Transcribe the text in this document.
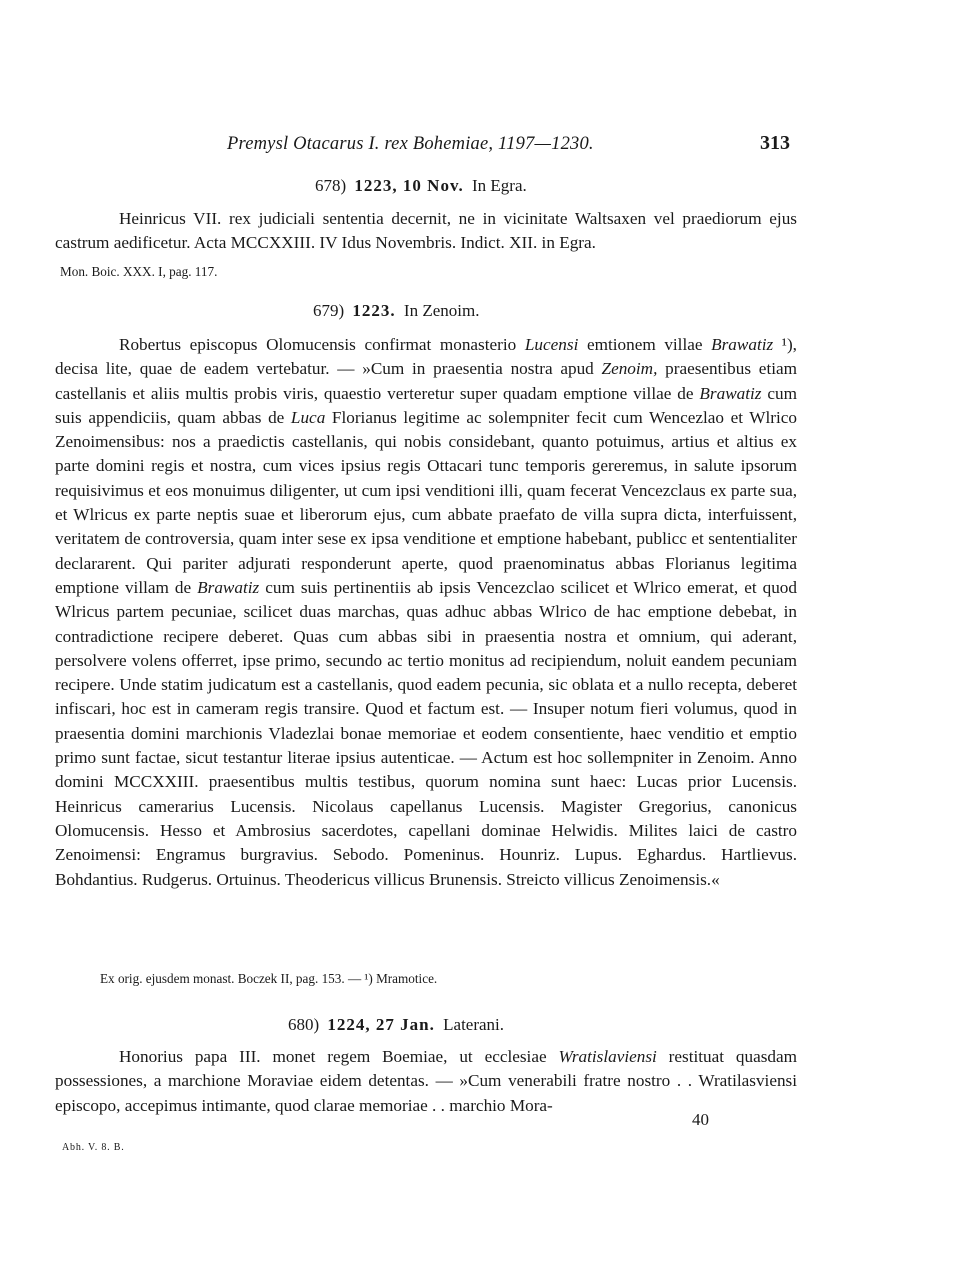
Premysl Otacarus I. rex Bohemiae, 1197—1230.	313
678) 1223, 10 Nov. In Egra.
Heinricus VII. rex judiciali sententia decernit, ne in vicinitate Waltsaxen vel praediorum ejus castrum aedificetur. Acta MCCXXIII. IV Idus Novembris. Indict. XII. in Egra.
Mon. Boic. XXX. I, pag. 117.
679) 1223. In Zenoim.
Robertus episcopus Olomucensis confirmat monasterio Lucensi emtionem villae Brawatiz ¹), decisa lite, quae de eadem vertebatur. — »Cum in praesentia nostra apud Zenoim, praesentibus etiam castellanis et aliis multis probis viris, quaestio verteretur super quadam emptione villae de Brawatiz cum suis appendiciis, quam abbas de Luca Florianus legitime ac solempniter fecit cum Wencezlao et Wlrico Zenoimensibus: nos a praedictis castellanis, qui nobis considebant, quanto potuimus, artius et altius ex parte domini regis et nostra, cum vices ipsius regis Ottacari tunc temporis gereremus, in salute ipsorum requisivimus et eos monuimus diligenter, ut cum ipsi venditioni illi, quam fecerat Vencezclaus ex parte sua, et Wlricus ex parte neptis suae et liberorum ejus, cum abbate praefato de villa supra dicta, interfuissent, veritatem de controversia, quam inter sese ex ipsa venditione et emptione habebant, publicc et sententialiter declararent. Qui pariter adjurati responderunt aperte, quod praenominatus abbas Florianus legitima emptione villam de Brawatiz cum suis pertinentiis ab ipsis Vencezclao scilicet et Wlrico emerat, et quod Wlricus partem pecuniae, scilicet duas marchas, quas adhuc abbas Wlrico de hac emptione debebat, in contradictione recipere deberet. Quas cum abbas sibi in praesentia nostra et omnium, qui aderant, persolvere volens offerret, ipse primo, secundo ac tertio monitus ad recipiendum, noluit eandem pecuniam recipere. Unde statim judicatum est a castellanis, quod eadem pecunia, sic oblata et a nullo recepta, deberet infiscari, hoc est in cameram regis transire. Quod et factum est. — Insuper notum fieri volumus, quod in praesentia domini marchionis Vladezlai bonae memoriae et eodem consentiente, haec venditio et emptio primo sunt factae, sicut testantur literae ipsius autenticae. — Actum est hoc sollempniter in Zenoim. Anno domini MCCXXIII. praesentibus multis testibus, quorum nomina sunt haec: Lucas prior Lucensis. Heinricus camerarius Lucensis. Nicolaus capellanus Lucensis. Magister Gregorius, canonicus Olomucensis. Hesso et Ambrosius sacerdotes, capellani dominae Helwidis. Milites laici de castro Zenoimensi: Engramus burgravius. Sebodo. Pomeninus. Hounriz. Lupus. Eghardus. Hartlievus. Bohdantius. Rudgerus. Ortuinus. Theodericus villicus Brunensis. Streicto villicus Zenoimensis.«
Ex orig. ejusdem monast. Boczek II, pag. 153. — ¹) Mramotice.
680) 1224, 27 Jan. Laterani.
Honorius papa III. monet regem Boemiae, ut ecclesiae Wratislaviensi restituat quasdam possessiones, a marchione Moraviae eidem detentas. — »Cum venerabili fratre nostro . . Wratilasviensi episcopo, accepimus intimante, quod clarae memoriae . . marchio Mora-
40
Abh. V. 8. B.
